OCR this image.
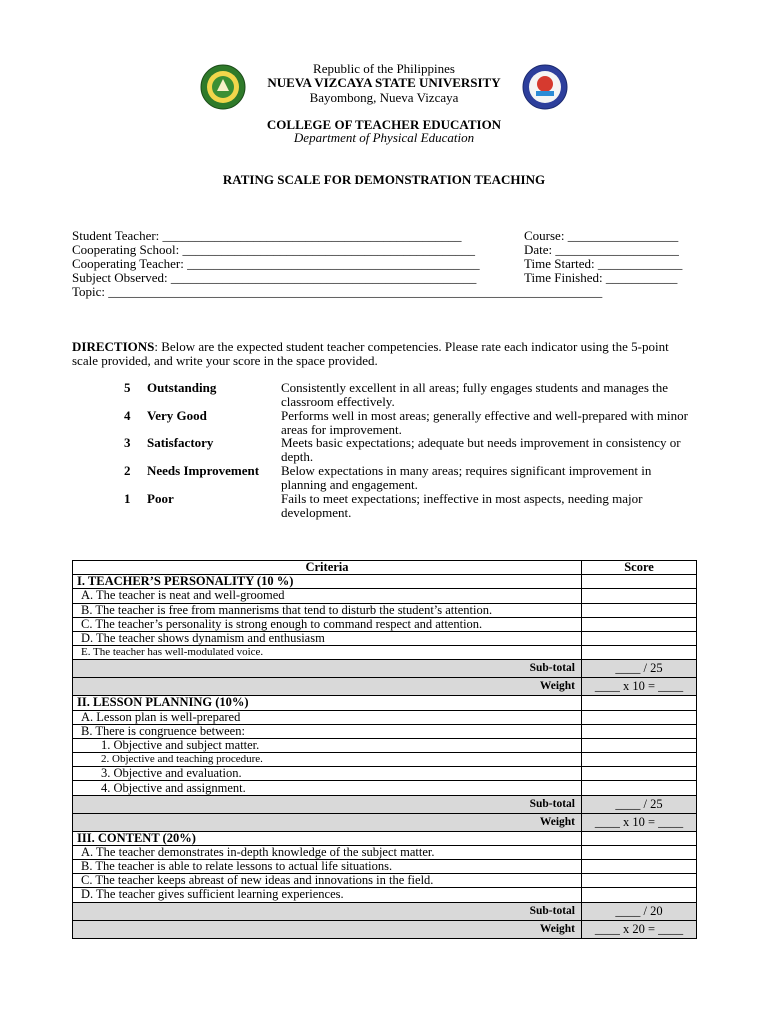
Republic of the Philippines
NUEVA VIZCAYA STATE UNIVERSITY
Bayombong, Nueva Vizcaya
COLLEGE OF TEACHER EDUCATION
Department of Physical Education
RATING SCALE FOR DEMONSTRATION TEACHING
Student Teacher: ______________________________________________
Cooperating School: _____________________________________________
Cooperating Teacher: _____________________________________________
Subject Observed: _______________________________________________
Topic: ____________________________________________________________________________
Course: _________________
Date: ___________________
Time Started: _____________
Time Finished: ___________
DIRECTIONS: Below are the expected student teacher competencies. Please rate each indicator using the 5-point scale provided, and write your score in the space provided.
5 Outstanding	Consistently excellent in all areas; fully engages students and manages the classroom effectively.
4 Very Good	Performs well in most areas; generally effective and well-prepared with minor areas for improvement.
3 Satisfactory	Meets basic expectations; adequate but needs improvement in consistency or depth.
2 Needs Improvement Below expectations in many areas; requires significant improvement in planning and engagement.
1 Poor	Fails to meet expectations; ineffective in most aspects, needing major development.
Criteria	Score
I. TEACHER’S PERSONALITY (10 %)	
A. The teacher is neat and well-groomed	
B. The teacher is free from mannerisms that tend to disturb the student’s attention.	
C. The teacher’s personality is strong enough to command respect and attention.	
D. The teacher shows dynamism and enthusiasm	
E. The teacher has well-modulated voice.	
Sub-total	____ / 25
Weight	____ x 10 = ____
II. LESSON PLANNING (10%)	
A. Lesson plan is well-prepared	
B. There is congruence between:	
1. Objective and subject matter.	
2. Objective and teaching procedure.	
3. Objective and evaluation.	
4. Objective and assignment.	
Sub-total	____ / 25
Weight	____ x 10 = ____
III. CONTENT (20%)	
A. The teacher demonstrates in-depth knowledge of the subject matter.	
B. The teacher is able to relate lessons to actual life situations.	
C. The teacher keeps abreast of new ideas and innovations in the field.	
D. The teacher gives sufficient learning experiences.	
Sub-total	____ / 20
Weight	____ x 20 = ____
